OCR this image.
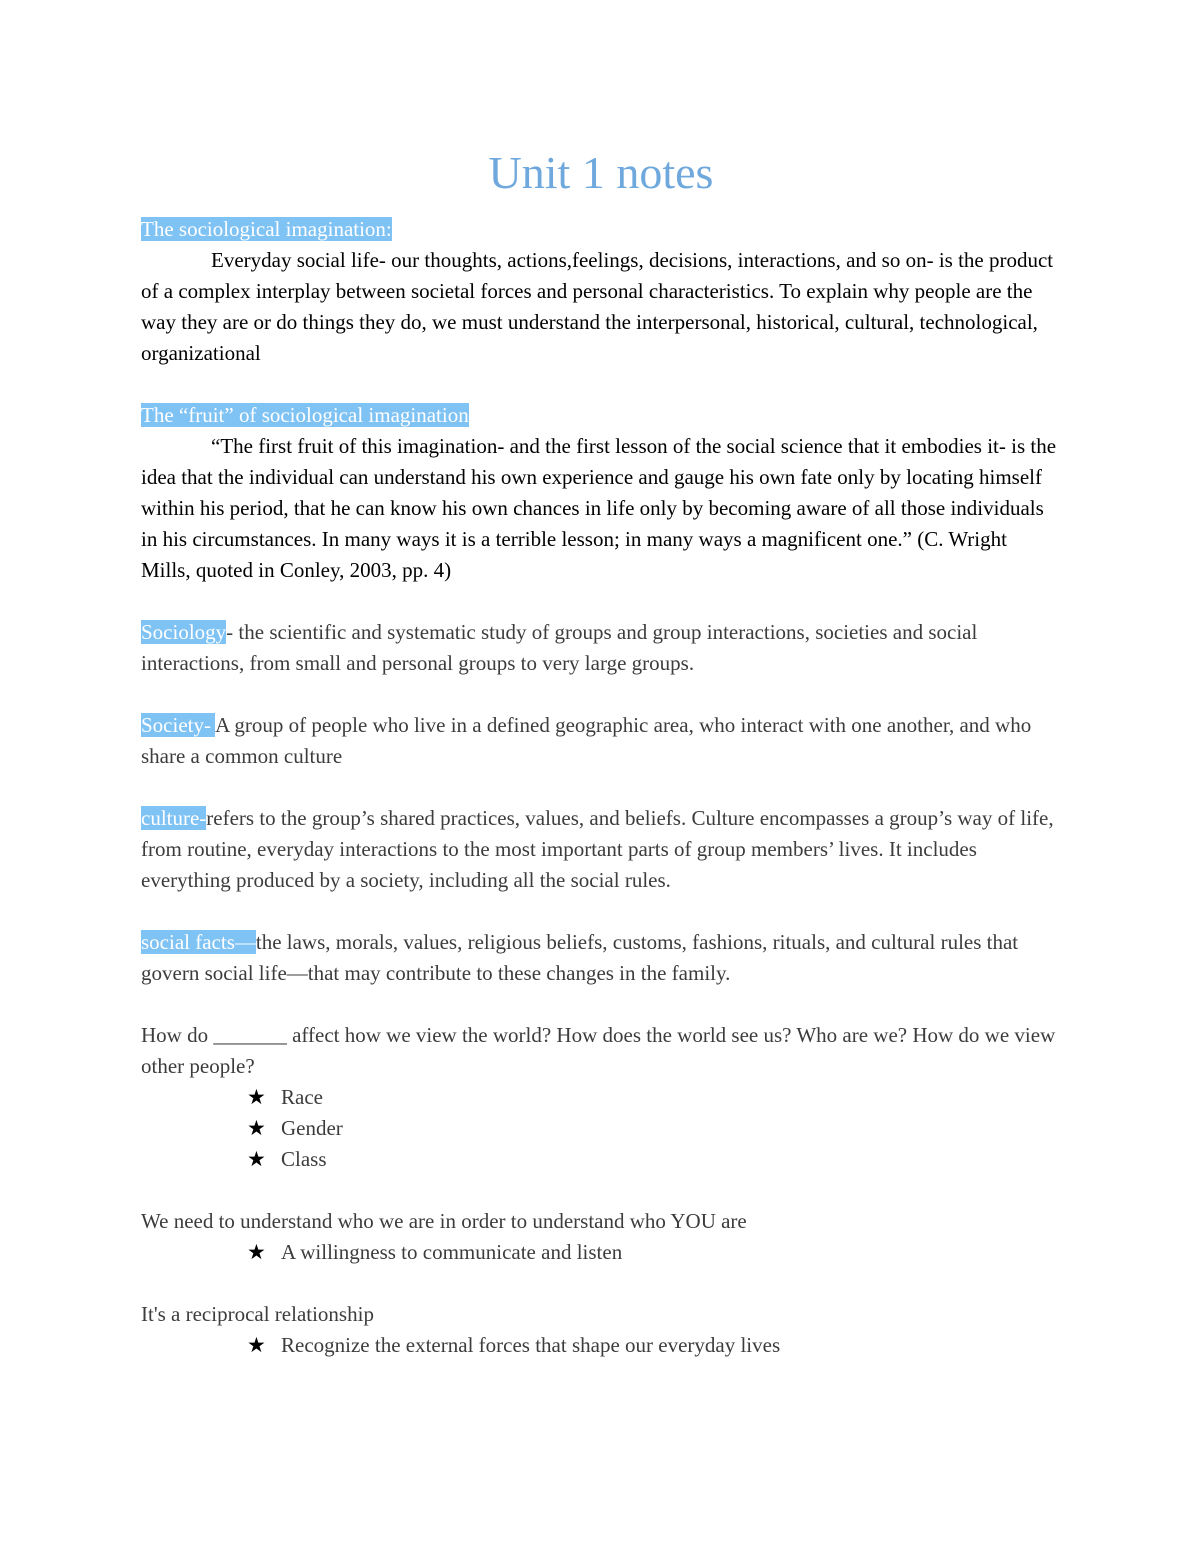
Unit 1 notes

The sociological imagination:

Everyday social life- our thoughts, actions,feelings, decisions, interactions, and so on- is the product of a complex interplay between societal forces and personal characteristics. To explain why people are the way they are or do things they do, we must understand the interpersonal, historical, cultural, technological, organizational

The “fruit” of sociological imagination

“The first fruit of this imagination- and the first lesson of the social science that it embodies it- is the idea that the individual can understand his own experience and gauge his own fate only by locating himself within his period, that he can know his own chances in life only by becoming aware of all those individuals in his circumstances. In many ways it is a terrible lesson; in many ways a magnificent one.” (C. Wright Mills, quoted in Conley, 2003, pp. 4)

Sociology- the scientific and systematic study of groups and group interactions, societies and social interactions, from small and personal groups to very large groups.

Society- A group of people who live in a defined geographic area, who interact with one another, and who share a common culture

culture-refers to the group’s shared practices, values, and beliefs. Culture encompasses a group’s way of life, from routine, everyday interactions to the most important parts of group members’ lives. It includes everything produced by a society, including all the social rules.

social facts—the laws, morals, values, religious beliefs, customs, fashions, rituals, and cultural rules that govern social life—that may contribute to these changes in the family.

How do _______ affect how we view the world? How does the world see us? Who are we? How do we view other people?

★ Race
★ Gender
★ Class

We need to understand who we are in order to understand who YOU are

★ A willingness to communicate and listen

It's a reciprocal relationship

★ Recognize the external forces that shape our everyday lives
